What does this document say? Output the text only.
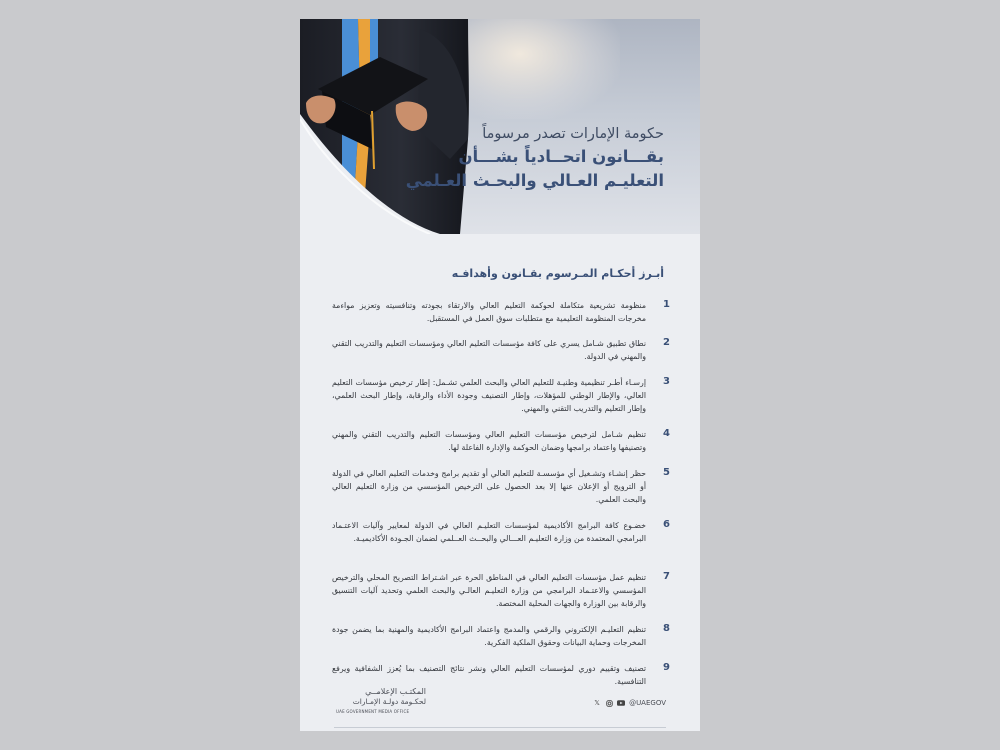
حكومة الإمارات تصدر مرسوماً
بقـــانون اتحــادياً بشـــأن
التعليـم العـالي والبحـث العـلمي
أبـرز أحكـام المـرسوم بقـانون وأهدافـه
1
منظومة تشريعية متكاملة لحوكمة التعليم العالي والارتقاء بجودته وتنافسيته وتعزيز مواءمة مخرجات المنظومة التعليمية مع متطلبات سوق العمل في المستقبل.
2
نطاق تطبيق شـامل يسري على كافة مؤسسات التعليم العالي ومؤسسات التعليم والتدريب التقني والمهني في الدولة.
3
إرسـاء أطـر تنظيمية وطنيـة للتعليم العالي والبحث العلمي تشـمل: إطار ترخيص مؤسسات التعليم العالي، والإطار الوطني للمؤهلات، وإطار التصنيف وجودة الأداء والرقابة، وإطار البحث العلمي، وإطار التعليم والتدريب التقني والمهني.
4
تنظيم شـامل لترخيص مؤسسات التعليم العالي ومؤسسات التعليم والتدريب التقني والمهني وتصنيفها واعتماد برامجها وضمان الحوكمة والإدارة الفاعلة لها.
5
حظر إنشـاء وتشـغيل أي مؤسسـة للتعليم العالي أو تقديم برامج وخدمات التعليم العالي في الدولة أو الترويج أو الإعلان عنها إلا بعد الحصول على الترخيص المؤسسي من وزارة التعليم العالي والبحث العلمي.
6
خضـوع كافة البرامج الأكاديمية لمؤسسات التعليـم العالي في الدولة لمعايير وآليات الاعتـماد البرامجي المعتمدة من وزارة التعليـم العـــالي والبحــث العــلمي لضمان الجـودة الأكاديميـة.
7
تنظيم عمل مؤسسات التعليم العالي في المناطق الحرة عبر اشـتراط التصريح المحلي والترخيص المؤسسي والاعتـماد البرامجي من وزارة التعليـم العالـي والبحث العلمي وتحديد آليات التنسيق والرقابة بين الوزارة والجهات المحلية المختصة.
8
تنظيم التعليـم الإلكتروني والرقمي والمدمج واعتماد البرامج الأكاديمية والمهنية بما يضمن جودة المخرجات وحماية البيانات وحقوق الملكية الفكرية.
9
تصنيف وتقييم دوري لمؤسسات التعليم العالي ونشر نتائج التصنيف بما يُعزز الشفافية ويرفع التنافسية.
المكتـب الإعلامــي
لحكـومة دولـة الإمـارات
UAE GOVERNMENT MEDIA OFFICE
𝕏	@UAEGOV
